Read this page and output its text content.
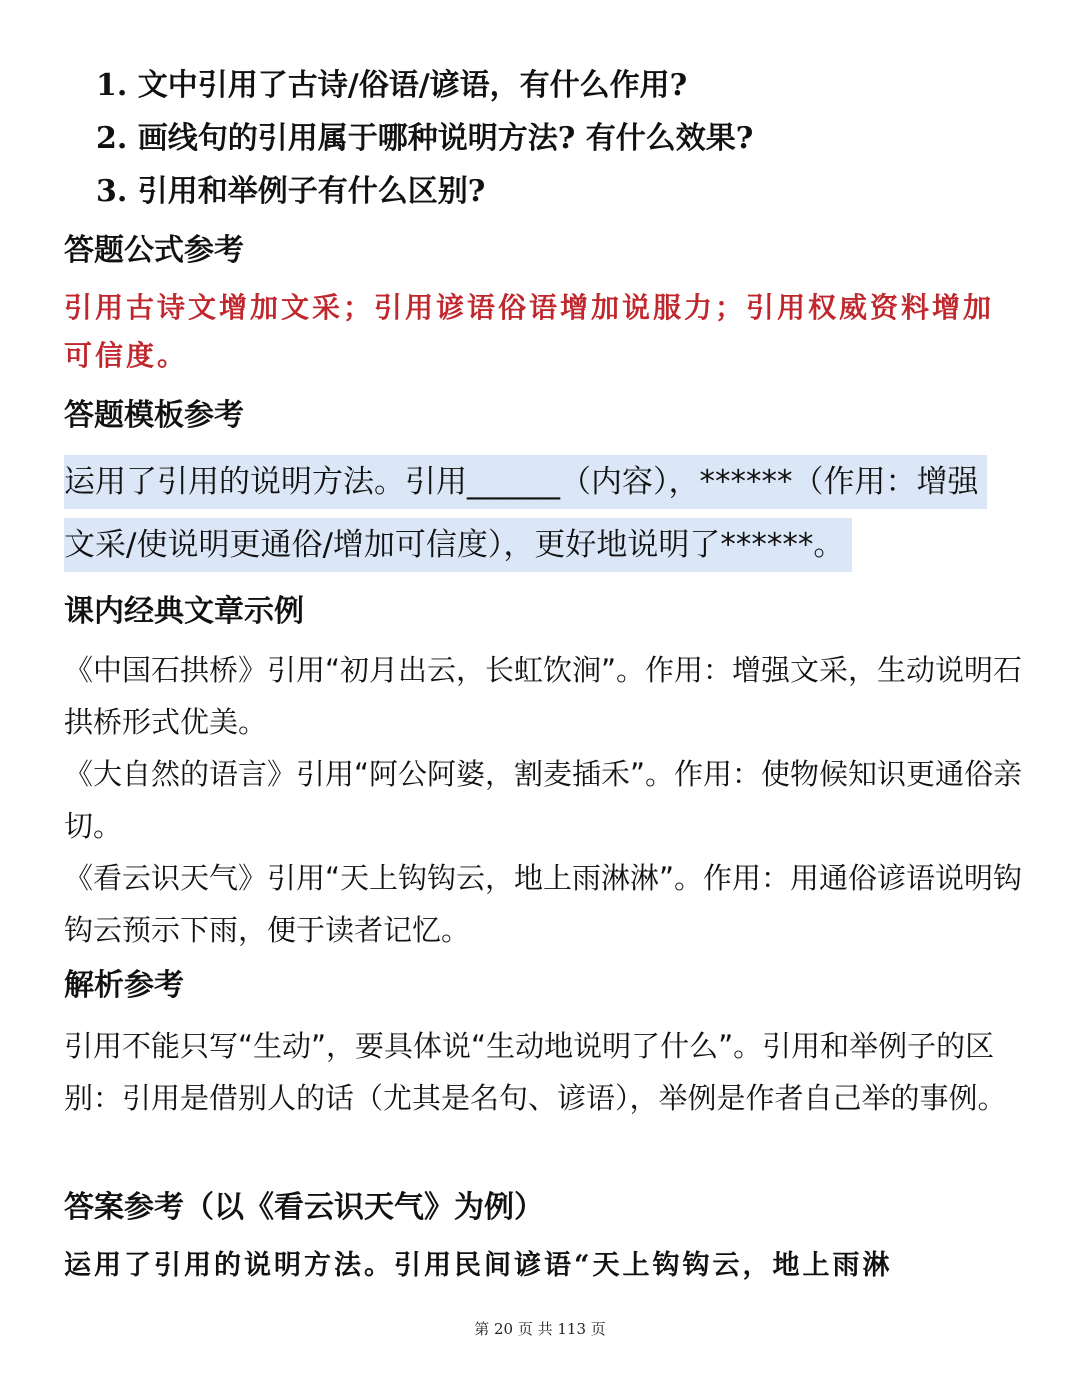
1. 文中引用了古诗/俗语/谚语，有什么作用?
2. 画线句的引用属于哪种说明方法? 有什么效果?
3. 引用和举例子有什么区别?
答题公式参考
引用古诗文增加文采；引用谚语俗语增加说服力；引用权威资料增加可信度。
答题模板参考
运用了引用的说明方法。引用______（内容），******（作用：增强
文采/使说明更通俗/增加可信度），更好地说明了******。
课内经典文章示例
《中国石拱桥》引用“初月出云，长虹饮涧”。作用：增强文采，生动说明石拱桥形式优美。
《大自然的语言》引用“阿公阿婆，割麦插禾”。作用：使物候知识更通俗亲切。
《看云识天气》引用“天上钩钩云，地上雨淋淋”。作用：用通俗谚语说明钩钩云预示下雨，便于读者记忆。
解析参考
引用不能只写“生动”，要具体说“生动地说明了什么”。引用和举例子的区别：引用是借别人的话（尤其是名句、谚语），举例是作者自己举的事例。
答案参考（以《看云识天气》为例）
运用了引用的说明方法。引用民间谚语“天上钩钩云，地上雨淋
第 20 页 共 113 页
